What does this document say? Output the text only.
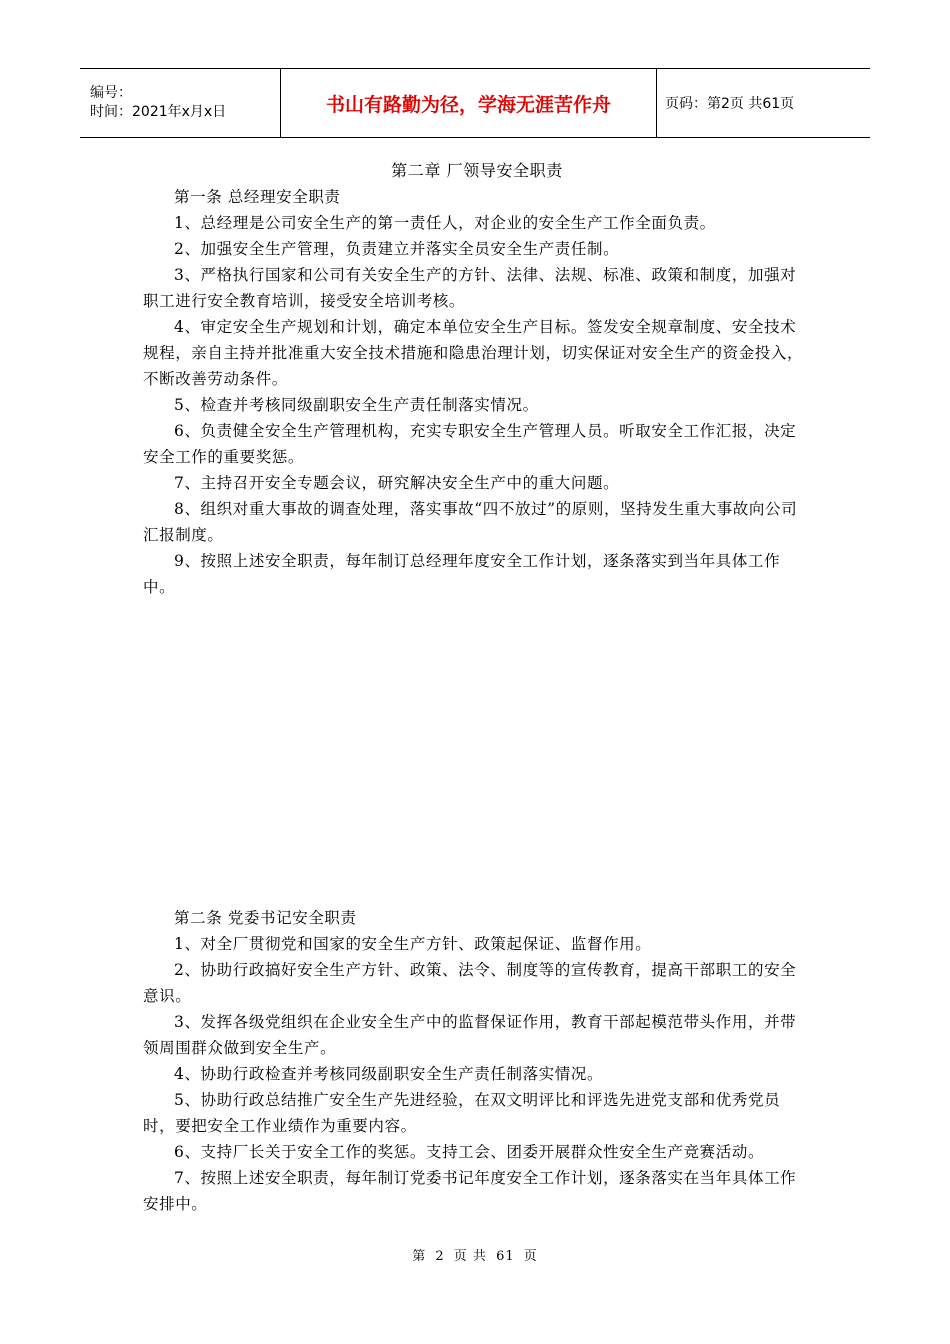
编号：
时间：2021年x月x日	书山有路勤为径，学海无涯苦作舟	页码：第2页 共61页

第二章 厂领导安全职责

第一条 总经理安全职责

1、总经理是公司安全生产的第一责任人，对企业的安全生产工作全面负责。

2、加强安全生产管理，负责建立并落实全员安全生产责任制。

3、严格执行国家和公司有关安全生产的方针、法律、法规、标准、政策和制度，加强对职工进行安全教育培训，接受安全培训考核。

4、审定安全生产规划和计划，确定本单位安全生产目标。签发安全规章制度、安全技术规程，亲自主持并批准重大安全技术措施和隐患治理计划，切实保证对安全生产的资金投入，不断改善劳动条件。

5、检查并考核同级副职安全生产责任制落实情况。

6、负责健全安全生产管理机构，充实专职安全生产管理人员。听取安全工作汇报，决定安全工作的重要奖惩。

7、主持召开安全专题会议，研究解决安全生产中的重大问题。

8、组织对重大事故的调查处理，落实事故“四不放过”的原则，坚持发生重大事故向公司汇报制度。

9、按照上述安全职责，每年制订总经理年度安全工作计划，逐条落实到当年具体工作中。

第二条 党委书记安全职责

1、对全厂贯彻党和国家的安全生产方针、政策起保证、监督作用。

2、协助行政搞好安全生产方针、政策、法令、制度等的宣传教育，提高干部职工的安全意识。

3、发挥各级党组织在企业安全生产中的监督保证作用，教育干部起模范带头作用，并带领周围群众做到安全生产。

4、协助行政检查并考核同级副职安全生产责任制落实情况。

5、协助行政总结推广安全生产先进经验，在双文明评比和评选先进党支部和优秀党员时，要把安全工作业绩作为重要内容。

6、支持厂长关于安全工作的奖惩。支持工会、团委开展群众性安全生产竞赛活动。

7、按照上述安全职责，每年制订党委书记年度安全工作计划，逐条落实在当年具体工作安排中。

第 2 页 共 61 页
